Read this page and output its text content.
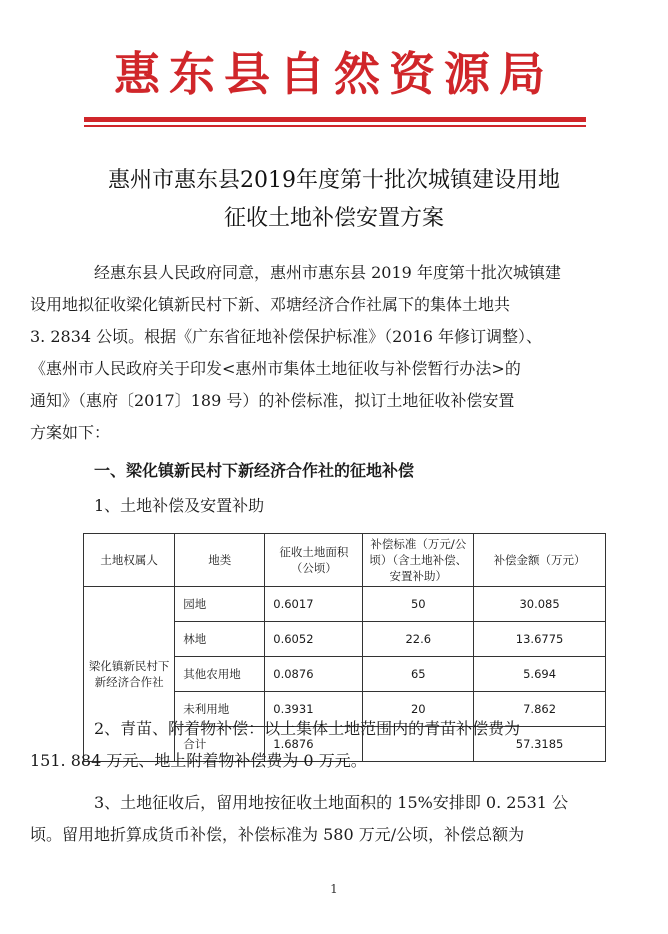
惠东县自然资源局
惠州市惠东县2019年度第十批次城镇建设用地
征收土地补偿安置方案
经惠东县人民政府同意，惠州市惠东县 2019 年度第十批次城镇建
设用地拟征收梁化镇新民村下新、邓塘经济合作社属下的集体土地共
3. 2834 公顷。根据《广东省征地补偿保护标准》（2016 年修订调整）、
《惠州市人民政府关于印发<惠州市集体土地征收与补偿暂行办法>的
通知》（惠府〔2017〕189 号）的补偿标准，拟订土地征收补偿安置
方案如下：
一、梁化镇新民村下新经济合作社的征地补偿
1、土地补偿及安置补助
土地权属人	地类	征收土地面积（公顷）	补偿标准（万元/公顷）（含土地补偿、安置补助）	补偿金额（万元）
梁化镇新民村下新经济合作社	园地	0.6017	50	30.085
	林地	0.6052	22.6	13.6775
	其他农用地	0.0876	65	5.694
	未利用地	0.3931	20	7.862
	合计	1.6876		57.3185
2、青苗、附着物补偿：以上集体土地范围内的青苗补偿费为
151. 884 万元、地上附着物补偿费为 0 万元。
3、土地征收后，留用地按征收土地面积的 15%安排即 0. 2531 公
顷。留用地折算成货币补偿，补偿标准为 580 万元/公顷，补偿总额为
1
